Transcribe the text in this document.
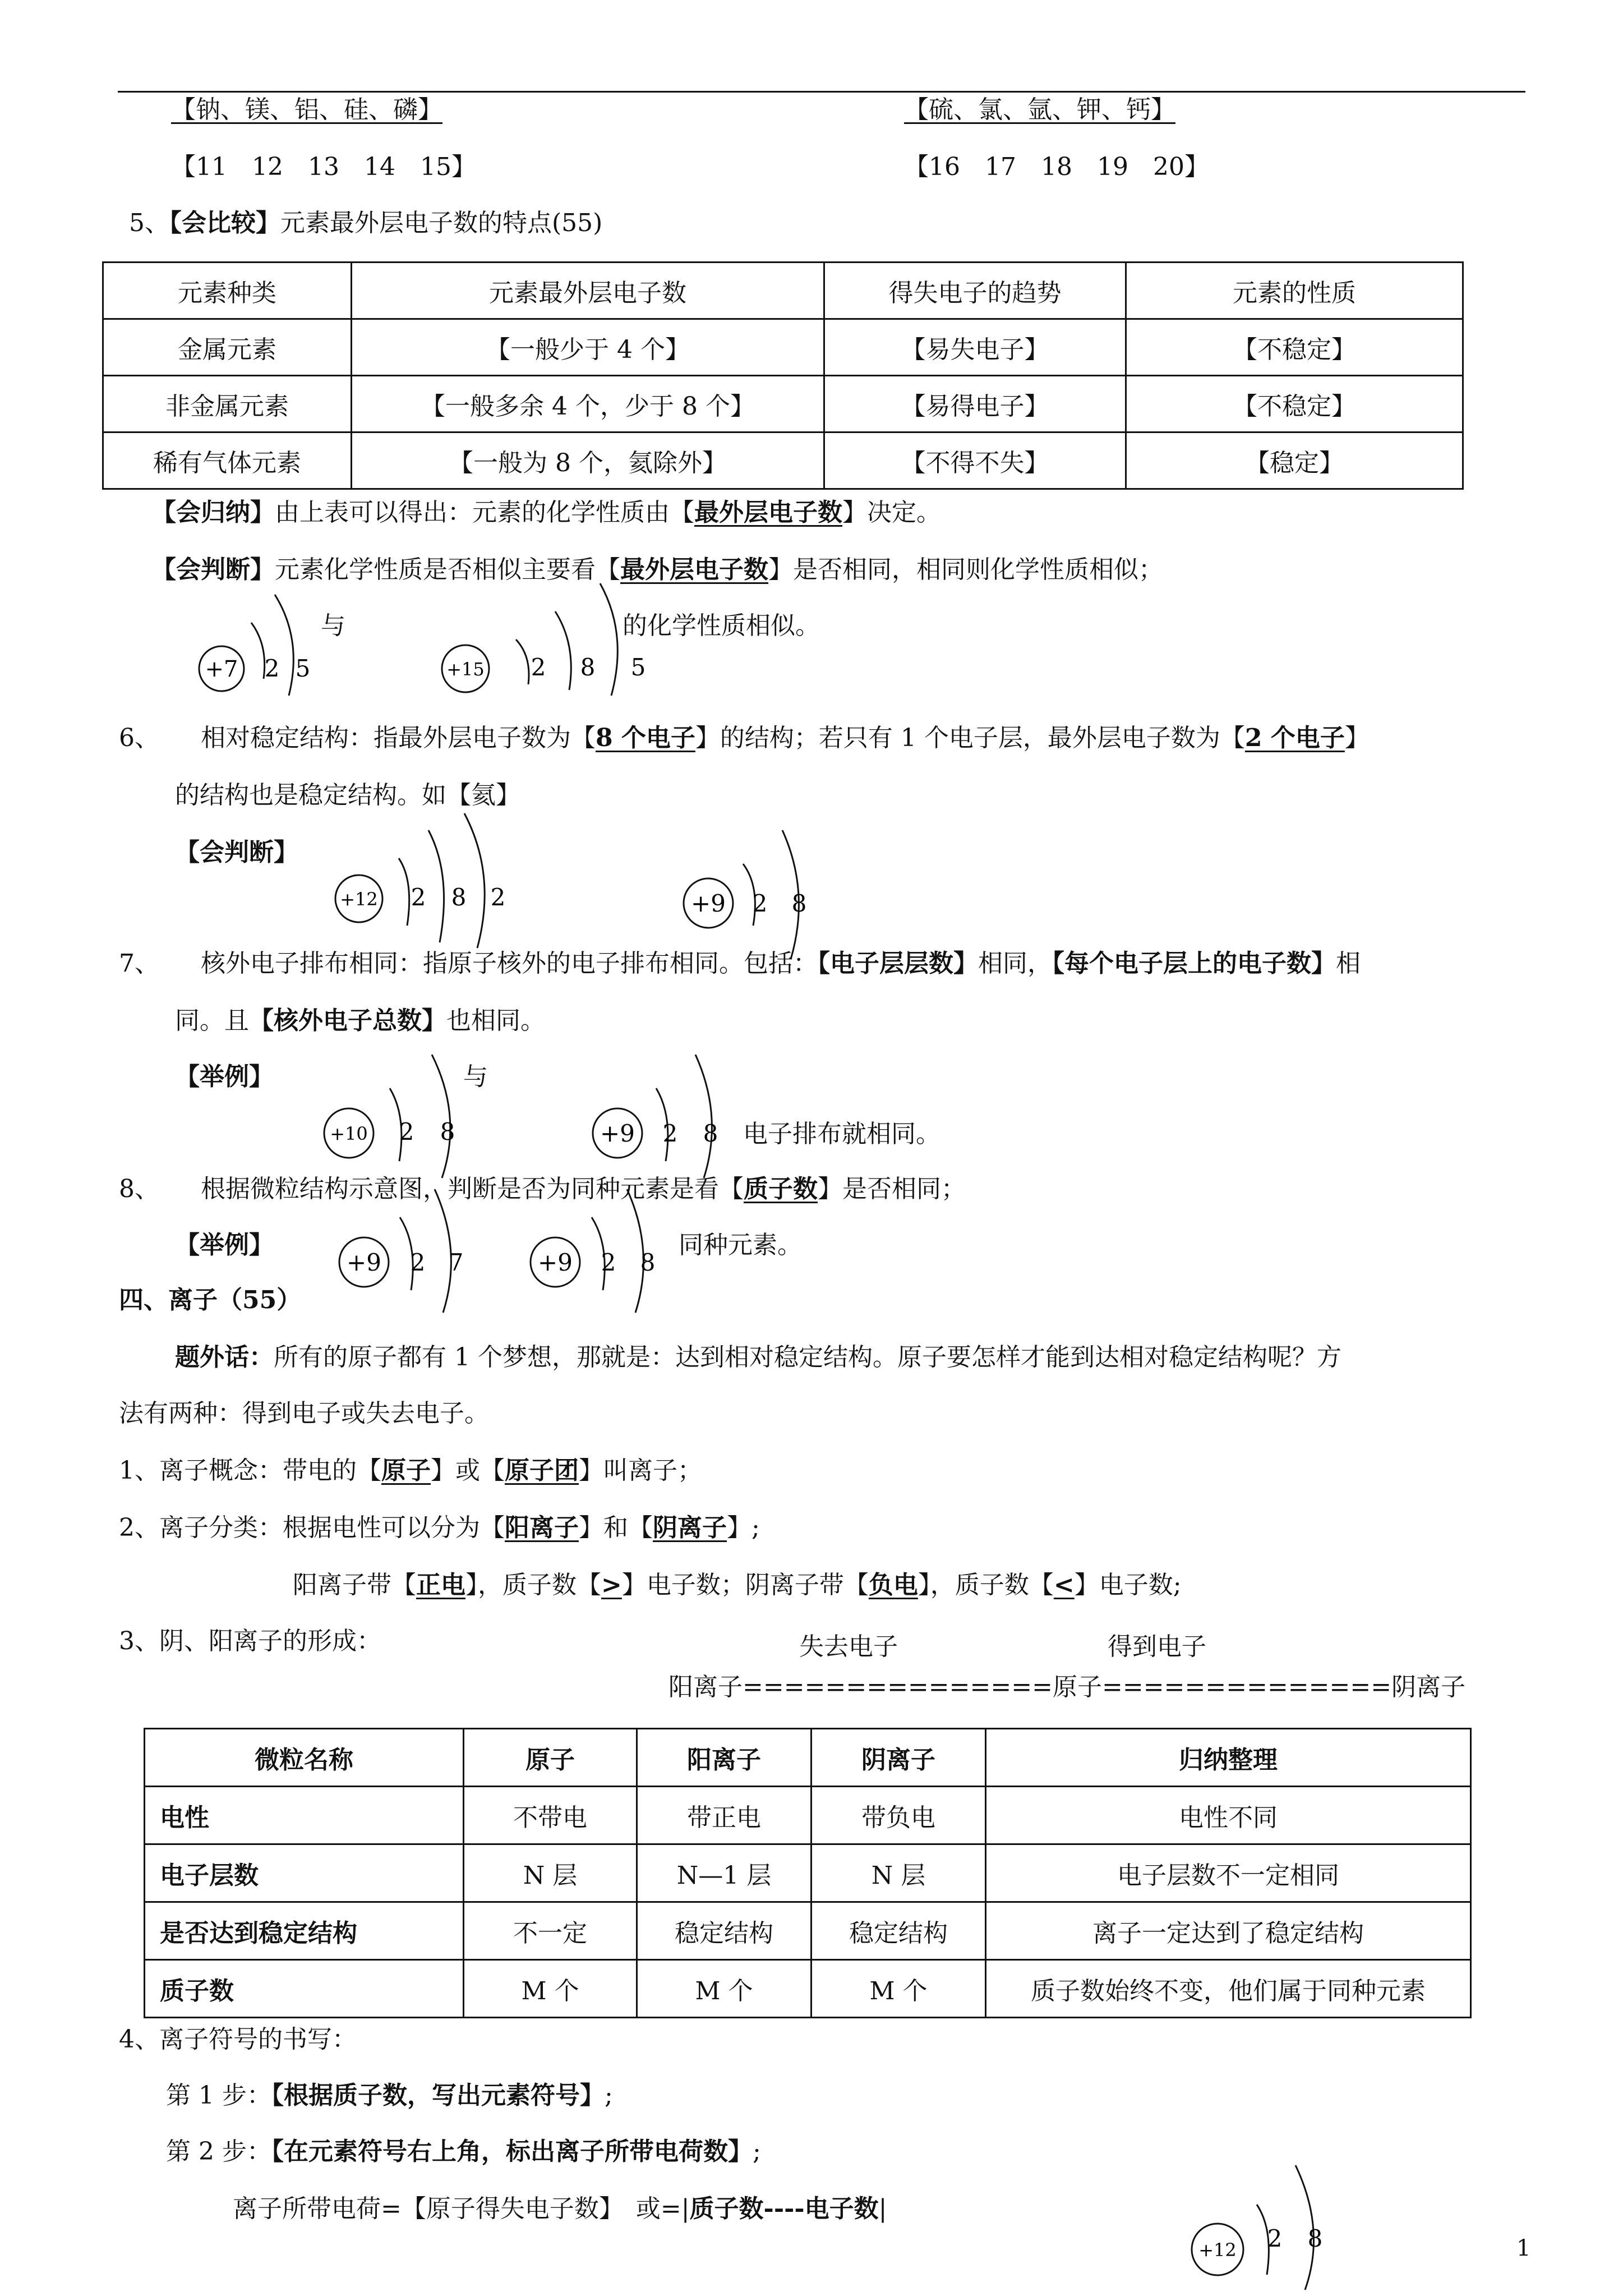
【钠、镁、铝、硅、磷】	【硫、氯、氩、钾、钙】
【11　12　13　14　15】	【16　17　18　19　20】
5、【会比较】元素最外层电子数的特点(55)
元素种类	元素最外层电子数	得失电子的趋势	元素的性质
金属元素	【一般少于 4 个】	【易失电子】	【不稳定】
非金属元素	【一般多余 4 个，少于 8 个】	【易得电子】	【不稳定】
稀有气体元素	【一般为 8 个，氦除外】	【不得不失】	【稳定】
【会归纳】由上表可以得出：元素的化学性质由【最外层电子数】决定。
【会判断】元素化学性质是否相似主要看【最外层电子数】是否相同，相同则化学性质相似；
与	的化学性质相似。
+7 2 5	+15 2 8 5
6、 相对稳定结构：指最外层电子数为【8 个电子】的结构；若只有 1 个电子层，最外层电子数为【2 个电子】
的结构也是稳定结构。如【氦】
【会判断】
+12 2 8 2	+9 2 8
7、 核外电子排布相同：指原子核外的电子排布相同。包括：【电子层层数】相同，【每个电子层上的电子数】相
同。且【核外电子总数】也相同。
【举例】	与
电子排布就相同。
+10 2 8	+9 2 8
8、 根据微粒结构示意图，判断是否为同种元素是看【质子数】是否相同；
【举例】	同种元素。
+9 2 7	+9 2 8
四、离子（55）
题外话：所有的原子都有 1 个梦想，那就是：达到相对稳定结构。原子要怎样才能到达相对稳定结构呢？方
法有两种：得到电子或失去电子。
1、离子概念：带电的【原子】或【原子团】叫离子；
2、离子分类：根据电性可以分为【阳离子】和【阴离子】;
阳离子带【正电】，质子数【>】电子数；阴离子带【负电】，质子数【<】电子数;
3、阴、阳离子的形成：	失去电子	得到电子
阳离子===============原子==============阴离子
微粒名称	原子	阳离子	阴离子	归纳整理
电性	不带电	带正电	带负电	电性不同
电子层数	N 层	N—1 层	N 层	电子层数不一定相同
是否达到稳定结构	不一定	稳定结构	稳定结构	离子一定达到了稳定结构
质子数	M 个	M 个	M 个	质子数始终不变，他们属于同种元素
4、离子符号的书写：
第 1 步：【根据质子数，写出元素符号】;
第 2 步：【在元素符号右上角，标出离子所带电荷数】;
离子所带电荷=【原子得失电子数】　或=|质子数----电子数|
+12 2 8	1
